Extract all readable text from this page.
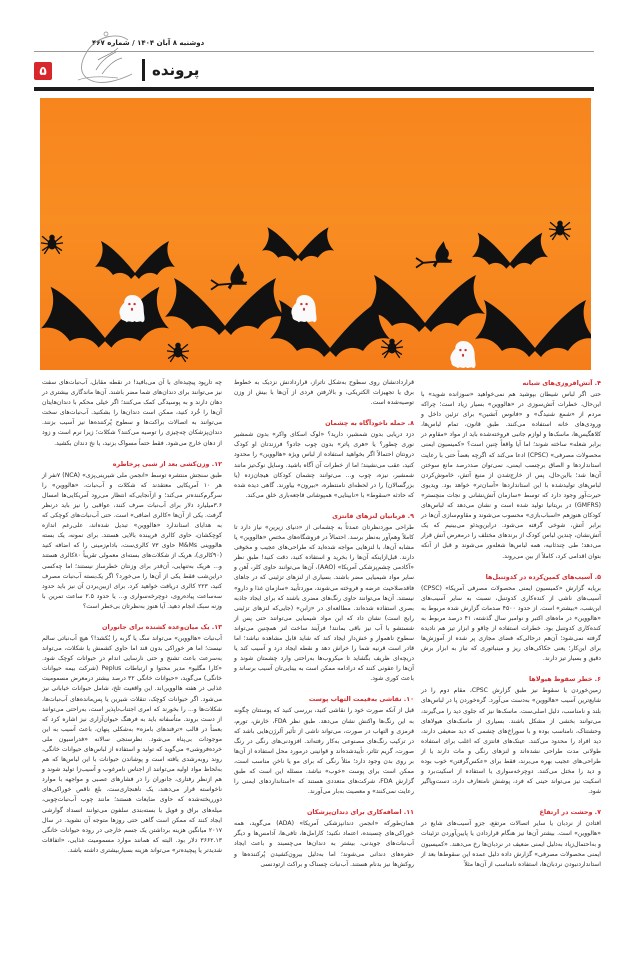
دوشنبه ۸ آبان ۱۴۰۴ / شماره ۴۶۷
۵	پرونده
۴. آتش‌افروزی‌های شبانه

حتی اگر لباس شیطان بپوشید هم نمی‌خواهید «سوزانده شوید» با این‌حال، خطرات آتش‌سوزی در «هالووین» بسیار زیاد است؛ چراکه مردم از «شمع شنیدگ» و «فانوس آتشین» برای تزئین داخل و ورودی‌های خانه استفاده می‌کنند. طبق قانون، تمام لباس‌ها، کلاهگیس‌ها، ماسک‌ها و لوازم جانبی فروخته‌شده باید از مواد «مقاوم در برابر شعله» ساخته شوند؛ اما آیا واقعاً چنین است؟ «کمیسیون ایمنی محصولات مصرفی» (CPSC) ادعا می‌کند که اگرچه بعضاً حتی با رعایت استانداردها و الصاق برچسب ایمنی، نمی‌توان صددرصد مانع سوختن آن‌ها شد؛ با‌این‌حال، پس از خارج‌شدن از منبع آتش، خاموش‌کردن لباس‌های تولیدشده با این استانداردها «آسان‌تر» خواهد بود. ویدیوی حیرت‌آور وجود دارد که توسط «سازمان آتش‌نشانی و نجات منچستر» (GMFRS) در بریتانیا تولید شده است و نشان می‌دهد که لباس‌های کودکان هنوزهم «اسباب‌بازی» محسوب می‌شوند و مقاوم‌سازی آن‌ها در برابر آتش، شوخی گرفته می‌شود. دراین‌ویدئو می‌بینیم که یک آتش‌نشان، چندین لباس کودک از برندهای مختلف را درمعرض آتش قرار می‌دهد؛ طی چندثانیه، همه لباس‌ها شعله‌ور می‌شوند و قبل از آنکه بتوان اقدامی کرد، کاملاً از بین می‌روند.

۵. آسیب‌های کمین‌کرده در کدوتنبل‌ها

برپایه گزارش «کمیسیون ایمنی محصولات مصرفی آمریکا» (CPSC) آسیب‌های ناشی از کنده‌کاری کدوتنبل، نسبت به سایر آسیب‌های این‌شب، «بیشتر» است. از حدود ۴۵۰۰ صدمات گزارش شده مربوط به «هالووین» در ماه‌های اکتبر و نوامبر سال گذشته، ۴۱ درصد مربوط به کنده‌کاری کدوتنبل بود. خطرات استفاده از چاقو و ابزار تیز هم نادیده گرفته نمی‌شود؛ آن‌هم درحالی‌که فضای مجازی پر شده از آموزش‌ها برای این‌کار؛ یعنی حکاکی‌های ریز و مینیاتوری که نیاز به ابزار برش دقیق و بسیار تیز دارند.

۶. خطر سقوط هیولاها

زمین‌خوردن یا سقوط نیز طبق گزارش CPSC، مقام دوم را در شایع‌ترین آسیب «هالووین» به‌دست می‌آورد. گره‌خوردن پا در لباس‌های بلند و نامناسب، دلیل اصلی‌ست. ماسک‌ها نیز که جلوی دید را می‌گیرند، می‌توانند بخشی از مشکل باشند. بسیاری از ماسک‌های هیولاهای وحشتناک، نامناسب بوده و با سوراخ‌های چشمی که دید ضعیفی دارند، دید افراد را محدود می‌کنند. عینک‌های فانتزی که اغلب برای استفاده طولانی مدت طراحی نشده‌اند و لنزهای رنگی و مات دارند یا از طراحی‌های عجیب بهره می‌برند، فقط برای «عکس‌گرفتن» خوب بوده و دید را مختل می‌کنند. دوچرخه‌سواری یا استفاده از اسکیت‌برد و اسکیت نیز می‌تواند حینی که فرد، پوشش نامتعارف دارد، دست‌وپاگیر شود.

۷. وحشت در ارتفاع

افتادن از نردبان یا سایر اتصالات مرتفع، جزو آسیب‌های شایع در «هالووین» است. بیشتر آن‌ها نیز هنگام قراردادن یا پایین‌آوردن تزئینات و به‌احتمال‌زیاد به‌دلیل ایمنی ضعیف در نردبان‌ها رخ می‌دهند. «کمیسیون ایمنی محصولات مصرفی» گزارش داده دلیل عمده این سقوط‌ها بعد از استانداردنبودن نردبان‌ها، استفاده نامناسب از آن‌ها مثلاً

قراردادنشان روی سطوح به‌شکل ناتراز، قراردادنش نزدیک به خطوط برق یا تجهیزات الکتریکی، و بالارفتن فردی از آن‌ها با بیش از وزن توصیه‌شده است.

۸. حمله ناخودآگاه به چشمان

دزد دریایی بدون شمشیر، دارید؟ «لوک اسکای واکر» بدون شمشیر نوری چطور؟ یا «هری پاتر» بدون چوب جادو؟ فرزندتان او کودک درونتان احتمالاً اگر بخواهید استفاده از لباس ویژه «هالووین» را محدود کنید، عقب می‌نشیند؛ اما از خطرات آن آگاه باشید. وسایل نوک‌تیز مانند شمشیر، نیزه، چوب و... می‌توانند چشمان کودکان هیجان‌زده (یا بزرگسالان) را در لحظه‌ای نامنتظره، «بیرون» بیاورند. گاهی دیده شده که حادثه «سقوط» با «نابینایی» همپوشانی فاجعه‌باری خلق می‌کند.

۹. قربانیان لنزهای فانتزی

طراحی موردنظرتان عمدتاً به چشمانی از «دنیای زیرین» نیاز دارد تا کاملاً وهم‌آور به‌نظر برسد. احتمالاً در فروشگاه‌های مختص «هالووین» یا مشابه آن‌ها، با لنزهایی مواجه شده‌اید که طراحی‌های عجیب و مخوفی دارند. قبل‌ازاینکه آن‌ها را بخرید و استفاده کنید، دقت کنید! طبق نظر «آکادمی چشم‌پزشکی آمریکا» (AAO)، آن‌ها می‌توانند حاوی کلر، آهن و سایر مواد شیمیایی مضر باشند. بسیاری از لنزهای تزئینی که در جاهای فاقدصلاحیت عرضه و فروخته می‌شوند، موردتأیید «سازمان غذا و دارو» نیستند. آن‌ها می‌توانند حاوی رنگ‌های مضری باشند که برای ایجاد جاذبه بصری استفاده شده‌اند. مطالعه‌ای در «زابن» (جایی‌که لنزهای تزئینی رایج است) نشان داد که این مواد شیمیایی می‌توانند حتی پس از شستشو با آب نیز باقی بمانند! فرآیند ساخت لنز همچنین می‌تواند سطوح ناهموار و خش‌دار ایجاد کند که شاید قابل مشاهده نباشد؛ اما قادر است قرنیه شما را خراش دهد و نقطه ایجاد درد و آسیب کند یا دریچه‌ای ظریف بگشاید تا میکروب‌ها به‌راحتی وارد چشمتان شوند و آن‌ها را عفونی کنند که درادامه ممکن است به بینایی‌تان آسیب برساند و باعث کوری شود.

۱۰. نقاشی به‌قیمت التهاب پوست

قبل از آنکه صورت خود را نقاشی کنید، بررسی کنید که پوستتان چگونه به این رنگ‌ها واکنش نشان می‌دهد. طبق نظر FDA، خارش، تورم، قرمزی و التهاب در صورت، می‌تواند ناشی از تأثیر آلرژن‌هایی باشد که در ترکیب رنگ‌های مصنوعی به‌کار رفته‌اند. افزودنی‌های رنگی در رنگ صورت، گریم تئاتر، تأییدشده‌اند و قوانینی درمورد محل استفاده از آن‌ها بر روی بدن وجود دارد؛ مثلاً رنگی که برای مو یا ناخن مناسب است، ممکن است برای پوست «خوب» نباشد. مسئله این است که طبق گزارش FDA، شرکت‌های متعددی هستند که «استانداردهای ایمنی را رعایت نمی‌کنند» و معصیت به‌بار می‌آورند.

۱۱. اضافه‌کاری برای دندان‌پزشکان

همان‌طورکه «انجمن دندانپزشکی آمریکا» (ADA) می‌گوید، همه خوراکی‌های چسبنده، اعتماد نکنید؛ کارامل‌ها، تافی‌ها، آدامس‌ها و دیگر آب‌نبات‌های جویدنی، بیشتر به دندان‌ها می‌چسبند و باعث ایجاد حفره‌های دندانی می‌شوند؛ اما به‌دلیل بیرون‌کشیدن پُرکننده‌ها و روکش‌ها نیز بدنام هستند. آب‌نبات چسناک و براکت ارتودنسی

چه تارپود پیچیده‌ای با آن می‌بافید! در نقطه مقابل، آب‌نبات‌های سفت نیز می‌توانند برای دندان‌های شما مضر باشند. آن‌ها ماندگاری بیشتری در دهان دارند و به پوسیدگی کمک می‌کنند؛ اگر خیلی محکم با دندان‌هایتان آن‌ها را خُرد کنید، ممکن است دندان‌ها را بشکنید. آب‌نبات‌های سخت می‌توانند به اتصالات براکت‌ها و سطوح پُرکننده‌ها نیز آسیب بزنند. دندان‌پزشکان چه‌چیزی را توصیه می‌کنند؟ شکلات؛ زیرا نرم است و زود از دهان خارج می‌شود. فقط حتماً مسواک بزنید، یا نخ دندان بکشید.

۱۲. وزن‌کشی بعد از شبی پرخاطره

طبق سنجش منتشره توسط «انجمن ملی شیرینی‌پزی» (NCA) ۷نفر از هر ۱۰ آمریکایی معتقدند که شکلات و آب‌نبات، «هالووین» را سرگرم‌کننده‌تر می‌کند؛ و ازآنجایی‌که انتظار می‌رود آمریکایی‌ها امسال ۳.۶میلیارد دلار برای آب‌نبات صرف کنند، عواقبی را نیز باید درنظر گرفت. یکی از آن‌ها «کالری اضافی» است. حتی آب‌نبات‌های کوچکی که به هدایای استاندارد «هالووین» تبدیل شده‌اند، علی‌رغم اندازه کوچکشان، حاوی کالری فریبنده بالایی هستند. برای نمونه، یک بسته هالووینی M&Ms حاوی ۷۳ کالری‌ست، بادام‌زمینی را که اضافه کنید (۹۰کالری)، هریک از شکلات‌های بسته‌ای معمولی تقریباً ۸۰کالری هستند و... هریک به‌تنهایی، آن‌قدر برای وزنتان خطرساز نیستند؛ اما چه‌کسی دراین‌شب فقط یکی از آن‌ها را می‌خورد؟ اگر یک‌بسته آب‌نبات مصرف کنید، ۲۲۳ کالری دریافت خواهید کرد. برای ازبین‌بردن آن نیز باید حدود سه‌ساعت پیاده‌روی، دوچرخه‌سواری و... یا حدود ۲.۵ ساعت تمرین با وزنه سبک انجام دهید. آیا هنوز به‌نظرتان بی‌خطر است؟

۱۳. یک میان‌وعده کشنده برای جانوران

آب‌نبات «هالووین» می‌تواند سگ یا گربه را بُکشد!؟ هیچ آب‌نباتی سالم نیست؛ اما هر خوراکی بدون قند اما حاوی کشمش یا شکلات، می‌تواند به‌سرعت باعث تشنج و حتی نارسایی اندام در حیوانات کوچک شود. «کارا مگلیو» مدیر محتوا و ارتباطات Peplus (شرکت بیمه حیوانات خانگی) می‌گوید، «حیوانات خانگی ۳۲ درصد بیشتر درمعرض مسمومیت غذایی در هفته هالووین‌اند. این واقعیت تلخ، شامل حیوانات خیابانی نیز می‌شود. اگر حیوانات کوچک، تنقلات شیرین یا پس‌مانده‌های آب‌نبات‌ها، شکلات‌ها و... را بخورند که امری اجتناب‌ناپذیر است، به‌راحتی می‌توانند از دست بروند. متأسفانه باید به فرهنگ حیوان‌آزاری نیز اشاره کرد که بعضاً در قالب «ترفندهای بامزه» به‌شکلی پنهان، باعث آسیب به این موجودات بی‌پناه می‌شود. نظرسنجی سالانه «فدراسیون ملی خرده‌فروشی» می‌گوید که تولید و استفاده از لباس‌های حیوانات خانگی، روند رو‌به‌رشدی یافته است و پوشاندن حیوانات با این لباس‌ها که هم به‌لحاظ مواد اولیه می‌توانند از اجناس نامرغوب و آسیب‌زا تولید شوند و هم ازنظر رفتاری، جانوران را در فشارهای عصبی و مواجهه با موارد ناخواسته قرار می‌دهند، یک ناهنجاری‌ست. بلع ناقص خوراکی‌های دورریخته‌شده که حاوی ضایعات هستند؛ مانند چوب آب‌نبات‌چوبی، میله‌های براق و فویل یا بسته‌بندی سلفون می‌توانند انسداد گوارشی ایجاد کنند که ممکن است گاهی حتی روزها متوجه آن نشوید. در سال ۲۰۱۷ میانگین هزینه برداشتن یک جسم خارجی در روده حیوانات خانگی ۳۶۶۲.۱۳ دلار بود. البته که همانند موارد مسمومیت غذایی، «اتفاقات شدیدتر یا پیچیده‌تر» می‌تواند هزینه بسیاربیشتری داشته باشد.
